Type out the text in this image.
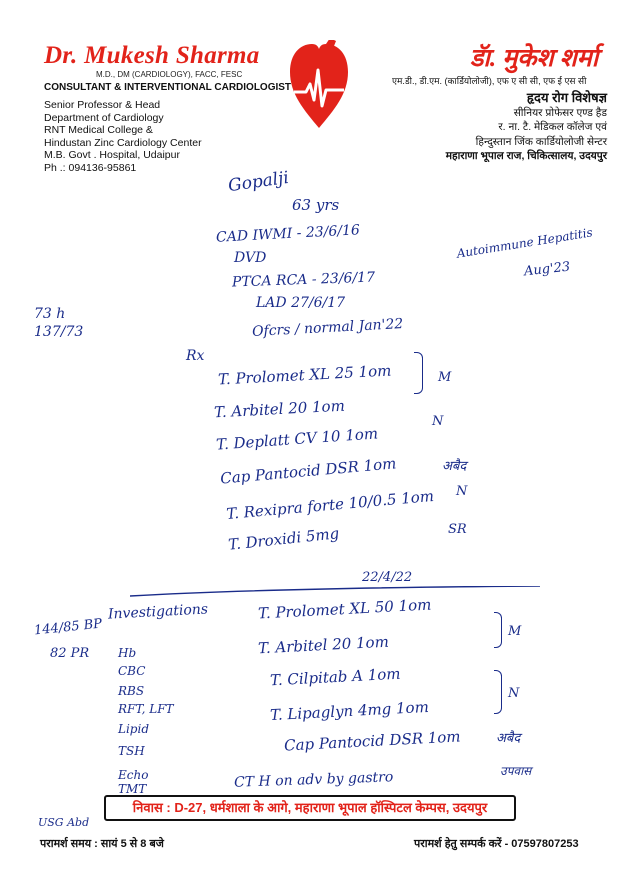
Dr. Mukesh Sharma
M.D., DM (CARDIOLOGY), FACC, FESC
CONSULTANT & INTERVENTIONAL CARDIOLOGIST
Senior Professor & Head
Department of Cardiology
RNT Medical College &
Hindustan Zinc Cardiology Center
M.B. Govt . Hospital, Udaipur
Ph .: 094136-95861
डॅा. मुकेश शर्मा
एम.डी., डी.एम. (कार्डियोलोजी), एफ ए सी सी, एफ ई एस सी
हृदय रोग विशेषज्ञ
सीनियर प्रोफेसर एण्ड हैड
र. ना. टै. मेडिकल कॉलेज एवं
हिन्दुस्तान जिंक कार्डियोलोजी सेन्टर
महाराणा भूपाल राज, चिकित्सालय, उदयपुर
Gopalji
63 yrs
CAD IWMI - 23/6/16
DVD
PTCA RCA - 23/6/17
LAD 27/6/17
Ofcrs / normal Jan'22
Autoimmune Hepatitis
Aug'23
73 h
137/73
Rx
T. Prolomet XL 25 1om
T. Arbitel 20 1om
T. Deplatt CV 10 1om
Cap Pantocid DSR 1om
T. Rexipra forte 10/0.5 1om
T. Droxidi 5mg
M
N
अबैद
N
SR
22/4/22
Investigations	T. Prolomet XL 50 1om
T. Arbitel 20 1om
T. Cilpitab A 1om
T. Lipaglyn 4mg 1om
Cap Pantocid DSR 1om
M
N
अबैद
उपवास
144/85 BP
82 PR Hb
CBC
RBS
RFT, LFT
Lipid
TSH
Echo
TMT	CT H on adv by gastro
निवास : D-27, धर्मशाला के आगे, महाराणा भूपाल हॉस्पिटल केम्पस, उदयपुर
USG Abd
परामर्श समय : सायं 5 से 8 बजे	परामर्श हेतु सम्पर्क करें - 07597807253
